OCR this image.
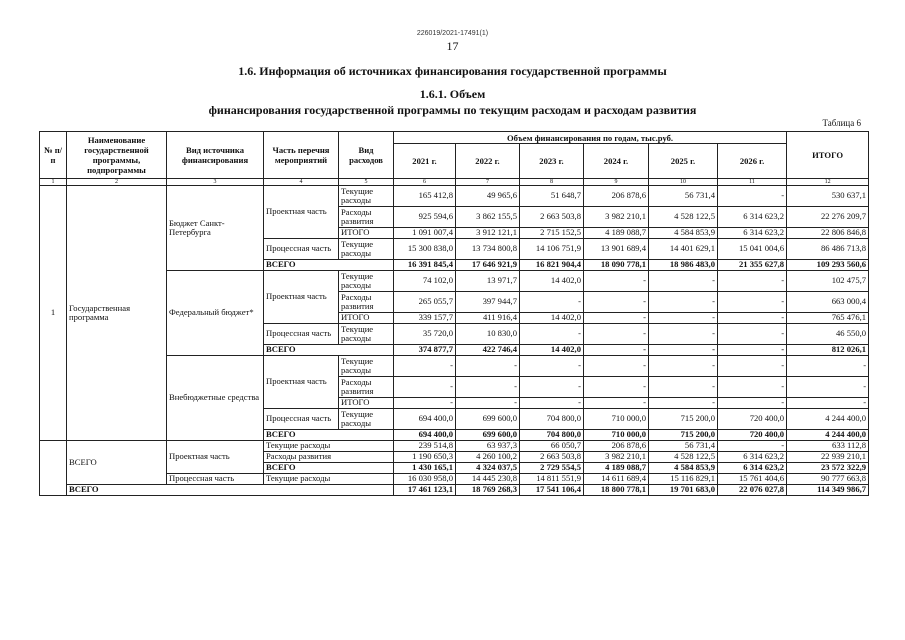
226019/2021-17491(1)
17
1.6. Информация об источниках финансирования государственной программы
1.6.1. Объем
финансирования государственной программы по текущим расходам и расходам развития
Таблица 6
№ п/п	Наименование государственной программы, подпрограммы	Вид источника финансирования	Часть перечня мероприятий	Вид расходов	Объем финансирования по годам, тыс.руб.						ИТОГО
					2021 г.	2022 г.	2023 г.	2024 г.	2025 г.	2026 г.	
1	2	3	4	5	6	7	8	9	10	11	12
1	Государственная программа	Бюджет Санкт-Петербурга	Проектная часть	Текущие расходы	165 412,8	49 965,6	51 648,7	206 878,6	56 731,4	-	530 637,1
				Расходы развития	925 594,6	3 862 155,5	2 663 503,8	3 982 210,1	4 528 122,5	6 314 623,2	22 276 209,7
				ИТОГО	1 091 007,4	3 912 121,1	2 715 152,5	4 189 088,7	4 584 853,9	6 314 623,2	22 806 846,8
			Процессная часть	Текущие расходы	15 300 838,0	13 734 800,8	14 106 751,9	13 901 689,4	14 401 629,1	15 041 004,6	86 486 713,8
			ВСЕГО		16 391 845,4	17 646 921,9	16 821 904,4	18 090 778,1	18 986 483,0	21 355 627,8	109 293 560,6
		Федеральный бюджет*	Проектная часть	Текущие расходы	74 102,0	13 971,7	14 402,0	-	-	-	102 475,7
				Расходы развития	265 055,7	397 944,7	-	-	-	-	663 000,4
				ИТОГО	339 157,7	411 916,4	14 402,0	-	-	-	765 476,1
			Процессная часть	Текущие расходы	35 720,0	10 830,0	-	-	-	-	46 550,0
			ВСЕГО		374 877,7	422 746,4	14 402,0	-	-	-	812 026,1
		Внебюджетные средства	Проектная часть	Текущие расходы	-	-	-	-	-	-	-
				Расходы развития	-	-	-	-	-	-	-
				ИТОГО	-	-	-	-	-	-	-
			Процессная часть	Текущие расходы	694 400,0	699 600,0	704 800,0	710 000,0	715 200,0	720 400,0	4 244 400,0
			ВСЕГО		694 400,0	699 600,0	704 800,0	710 000,0	715 200,0	720 400,0	4 244 400,0
	ВСЕГО	Проектная часть	Текущие расходы		239 514,8	63 937,3	66 050,7	206 878,6	56 731,4	-	633 112,8
			Расходы развития		1 190 650,3	4 260 100,2	2 663 503,8	3 982 210,1	4 528 122,5	6 314 623,2	22 939 210,1
			ВСЕГО		1 430 165,1	4 324 037,5	2 729 554,5	4 189 088,7	4 584 853,9	6 314 623,2	23 572 322,9
		Процессная часть	Текущие расходы		16 030 958,0	14 445 230,8	14 811 551,9	14 611 689,4	15 116 829,1	15 761 404,6	90 777 663,8
	ВСЕГО				17 461 123,1	18 769 268,3	17 541 106,4	18 800 778,1	19 701 683,0	22 076 027,8	114 349 986,7
